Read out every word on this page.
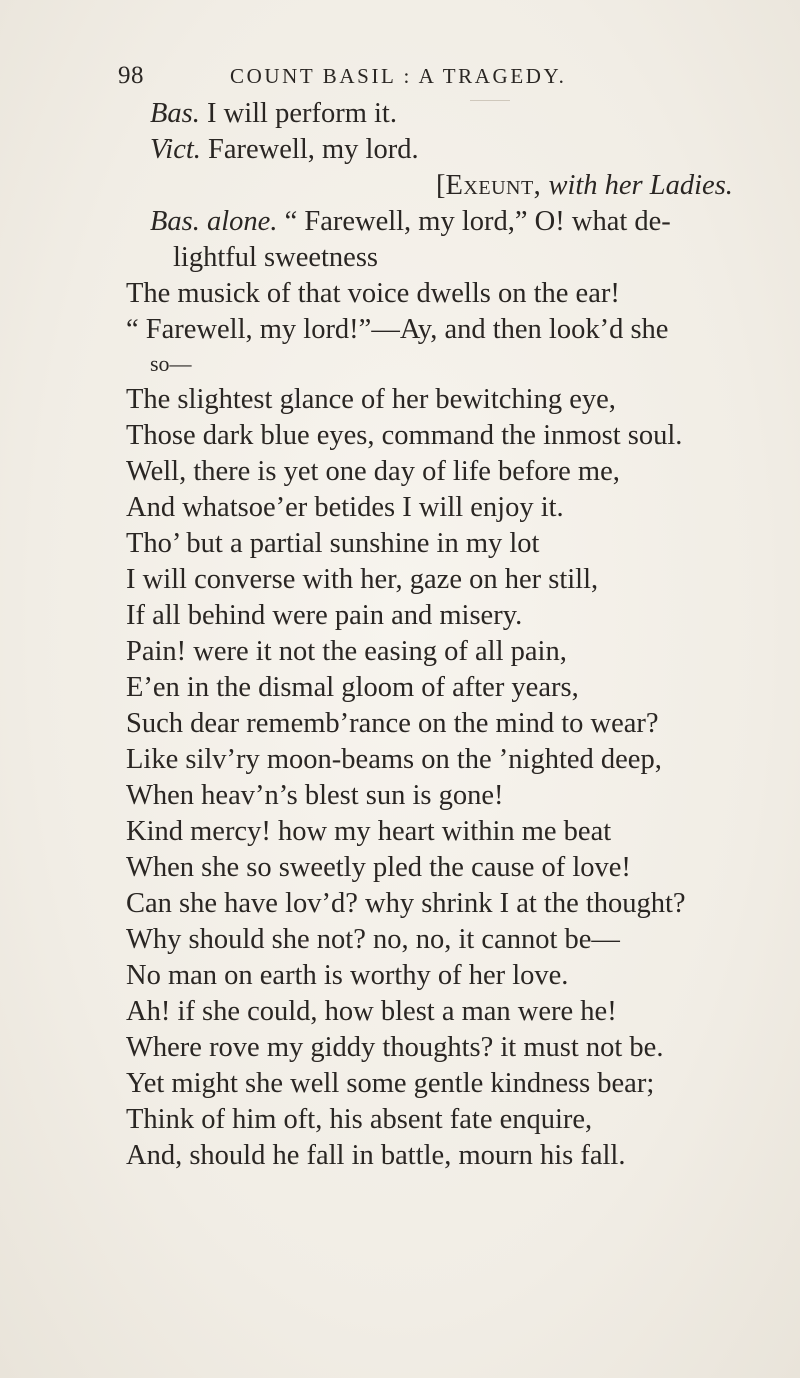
98	COUNT BASIL : A TRAGEDY.
Bas. I will perform it.
Vict. Farewell, my lord.
[Exeunt, with her Ladies.
Bas. alone. “ Farewell, my lord,” O! what de-
lightful sweetness
The musick of that voice dwells on the ear!
“ Farewell, my lord!”—Ay, and then look’d she
so—
The slightest glance of her bewitching eye,
Those dark blue eyes, command the inmost soul.
Well, there is yet one day of life before me,
And whatsoe’er betides I will enjoy it.
Tho’ but a partial sunshine in my lot
I will converse with her, gaze on her still,
If all behind were pain and misery.
Pain! were it not the easing of all pain,
E’en in the dismal gloom of after years,
Such dear rememb’rance on the mind to wear?
Like silv’ry moon-beams on the ’nighted deep,
When heav’n’s blest sun is gone!
Kind mercy! how my heart within me beat
When she so sweetly pled the cause of love!
Can she have lov’d? why shrink I at the thought?
Why should she not? no, no, it cannot be—
No man on earth is worthy of her love.
Ah! if she could, how blest a man were he!
Where rove my giddy thoughts? it must not be.
Yet might she well some gentle kindness bear;
Think of him oft, his absent fate enquire,
And, should he fall in battle, mourn his fall.
